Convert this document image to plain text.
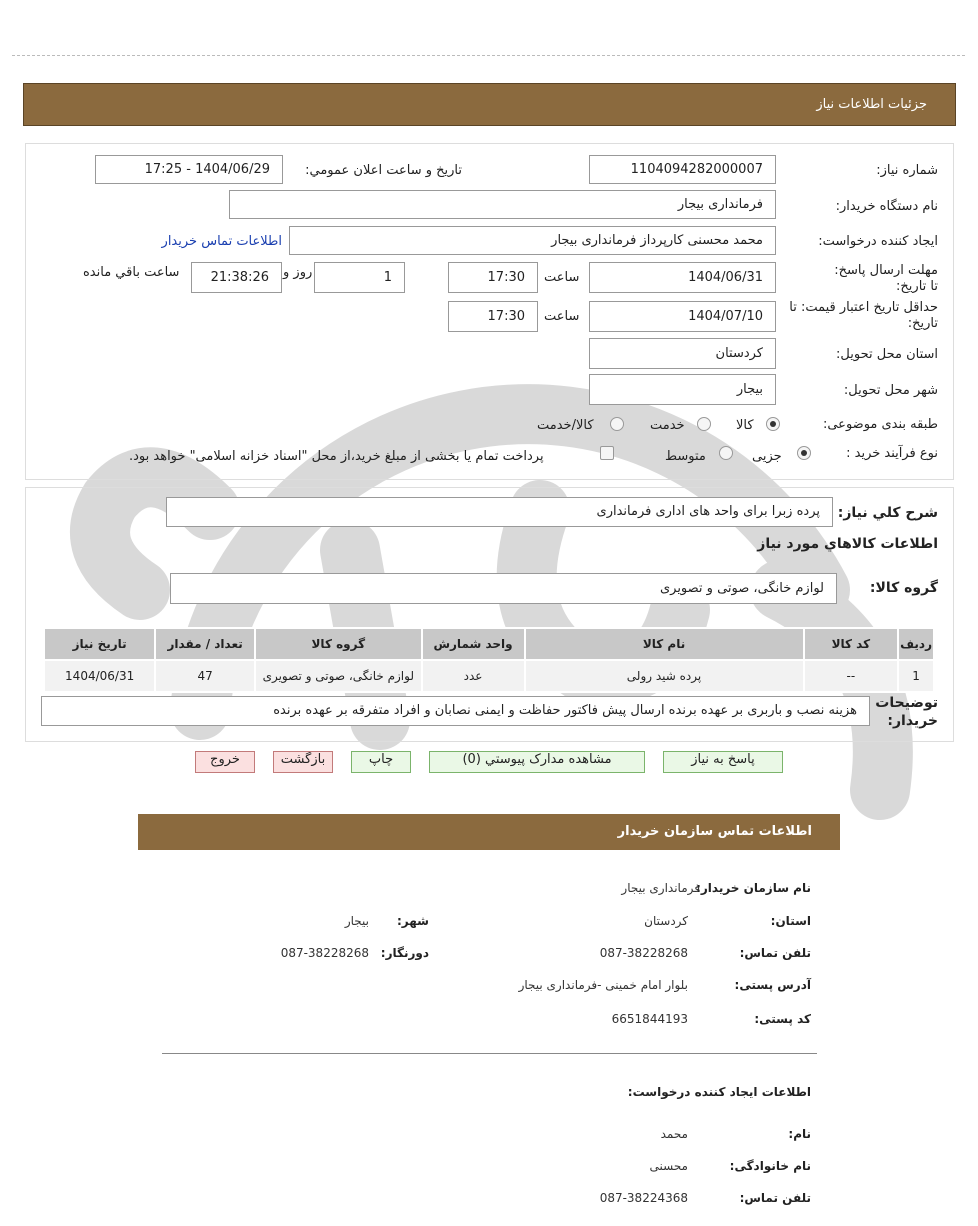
جزئیات اطلاعات نیاز
شماره نیاز:
1104094282000007
تاریخ و ساعت اعلان عمومي:
1404/06/29 - 17:25
نام دستگاه خریدار:
فرمانداری بیجار
ایجاد کننده درخواست:
محمد محسنی کارپرداز فرمانداری بیجار
اطلاعات تماس خریدار
مهلت ارسال پاسخ: تا تاریخ:
1404/06/31
ساعت
17:30
1
روز و
21:38:26
ساعت باقي مانده
حداقل تاریخ اعتبار قیمت: تا تاریخ:
1404/07/10
ساعت
17:30
استان محل تحویل:
کردستان
شهر محل تحویل:
بیجار
طبقه بندی موضوعی:
کالا
خدمت
کالا/خدمت
نوع فرآیند خرید :
جزیی
متوسط
پرداخت تمام یا بخشی از مبلغ خرید،از محل "اسناد خزانه اسلامی" خواهد بود.
شرح کلي نیاز:
پرده زبرا برای واحد های اداری فرمانداری
اطلاعات کالاهاي مورد نیاز
گروه کالا:
لوازم خانگی، صوتی و تصویری
ردیف	کد کالا	نام کالا	واحد شمارش	گروه کالا	تعداد / مقدار	تاریخ نیاز
1	--	پرده شید رولی	عدد	لوازم خانگی، صوتی و تصویری	47	1404/06/31
توضیحات خریدار:
هزینه نصب و باربری بر عهده برنده ارسال پیش فاکتور حفاظت و ایمنی نصابان و افراد متفرقه بر عهده برنده
پاسخ به نیاز
مشاهده مدارک پیوستي (0)
چاپ
بازگشت
خروج
اطلاعات تماس سازمان خریدار
نام سازمان خریدار:
فرمانداری بیجار
استان:
کردستان
شهر:
بیجار
تلفن تماس:
087-38228268
دورنگار:
087-38228268
آدرس پستی:
بلوار امام خمینی -فرمانداری بیجار
کد پستی:
6651844193
اطلاعات ایجاد کننده درخواست:
نام:
محمد
نام خانوادگی:
محسنی
تلفن تماس:
087-38224368
